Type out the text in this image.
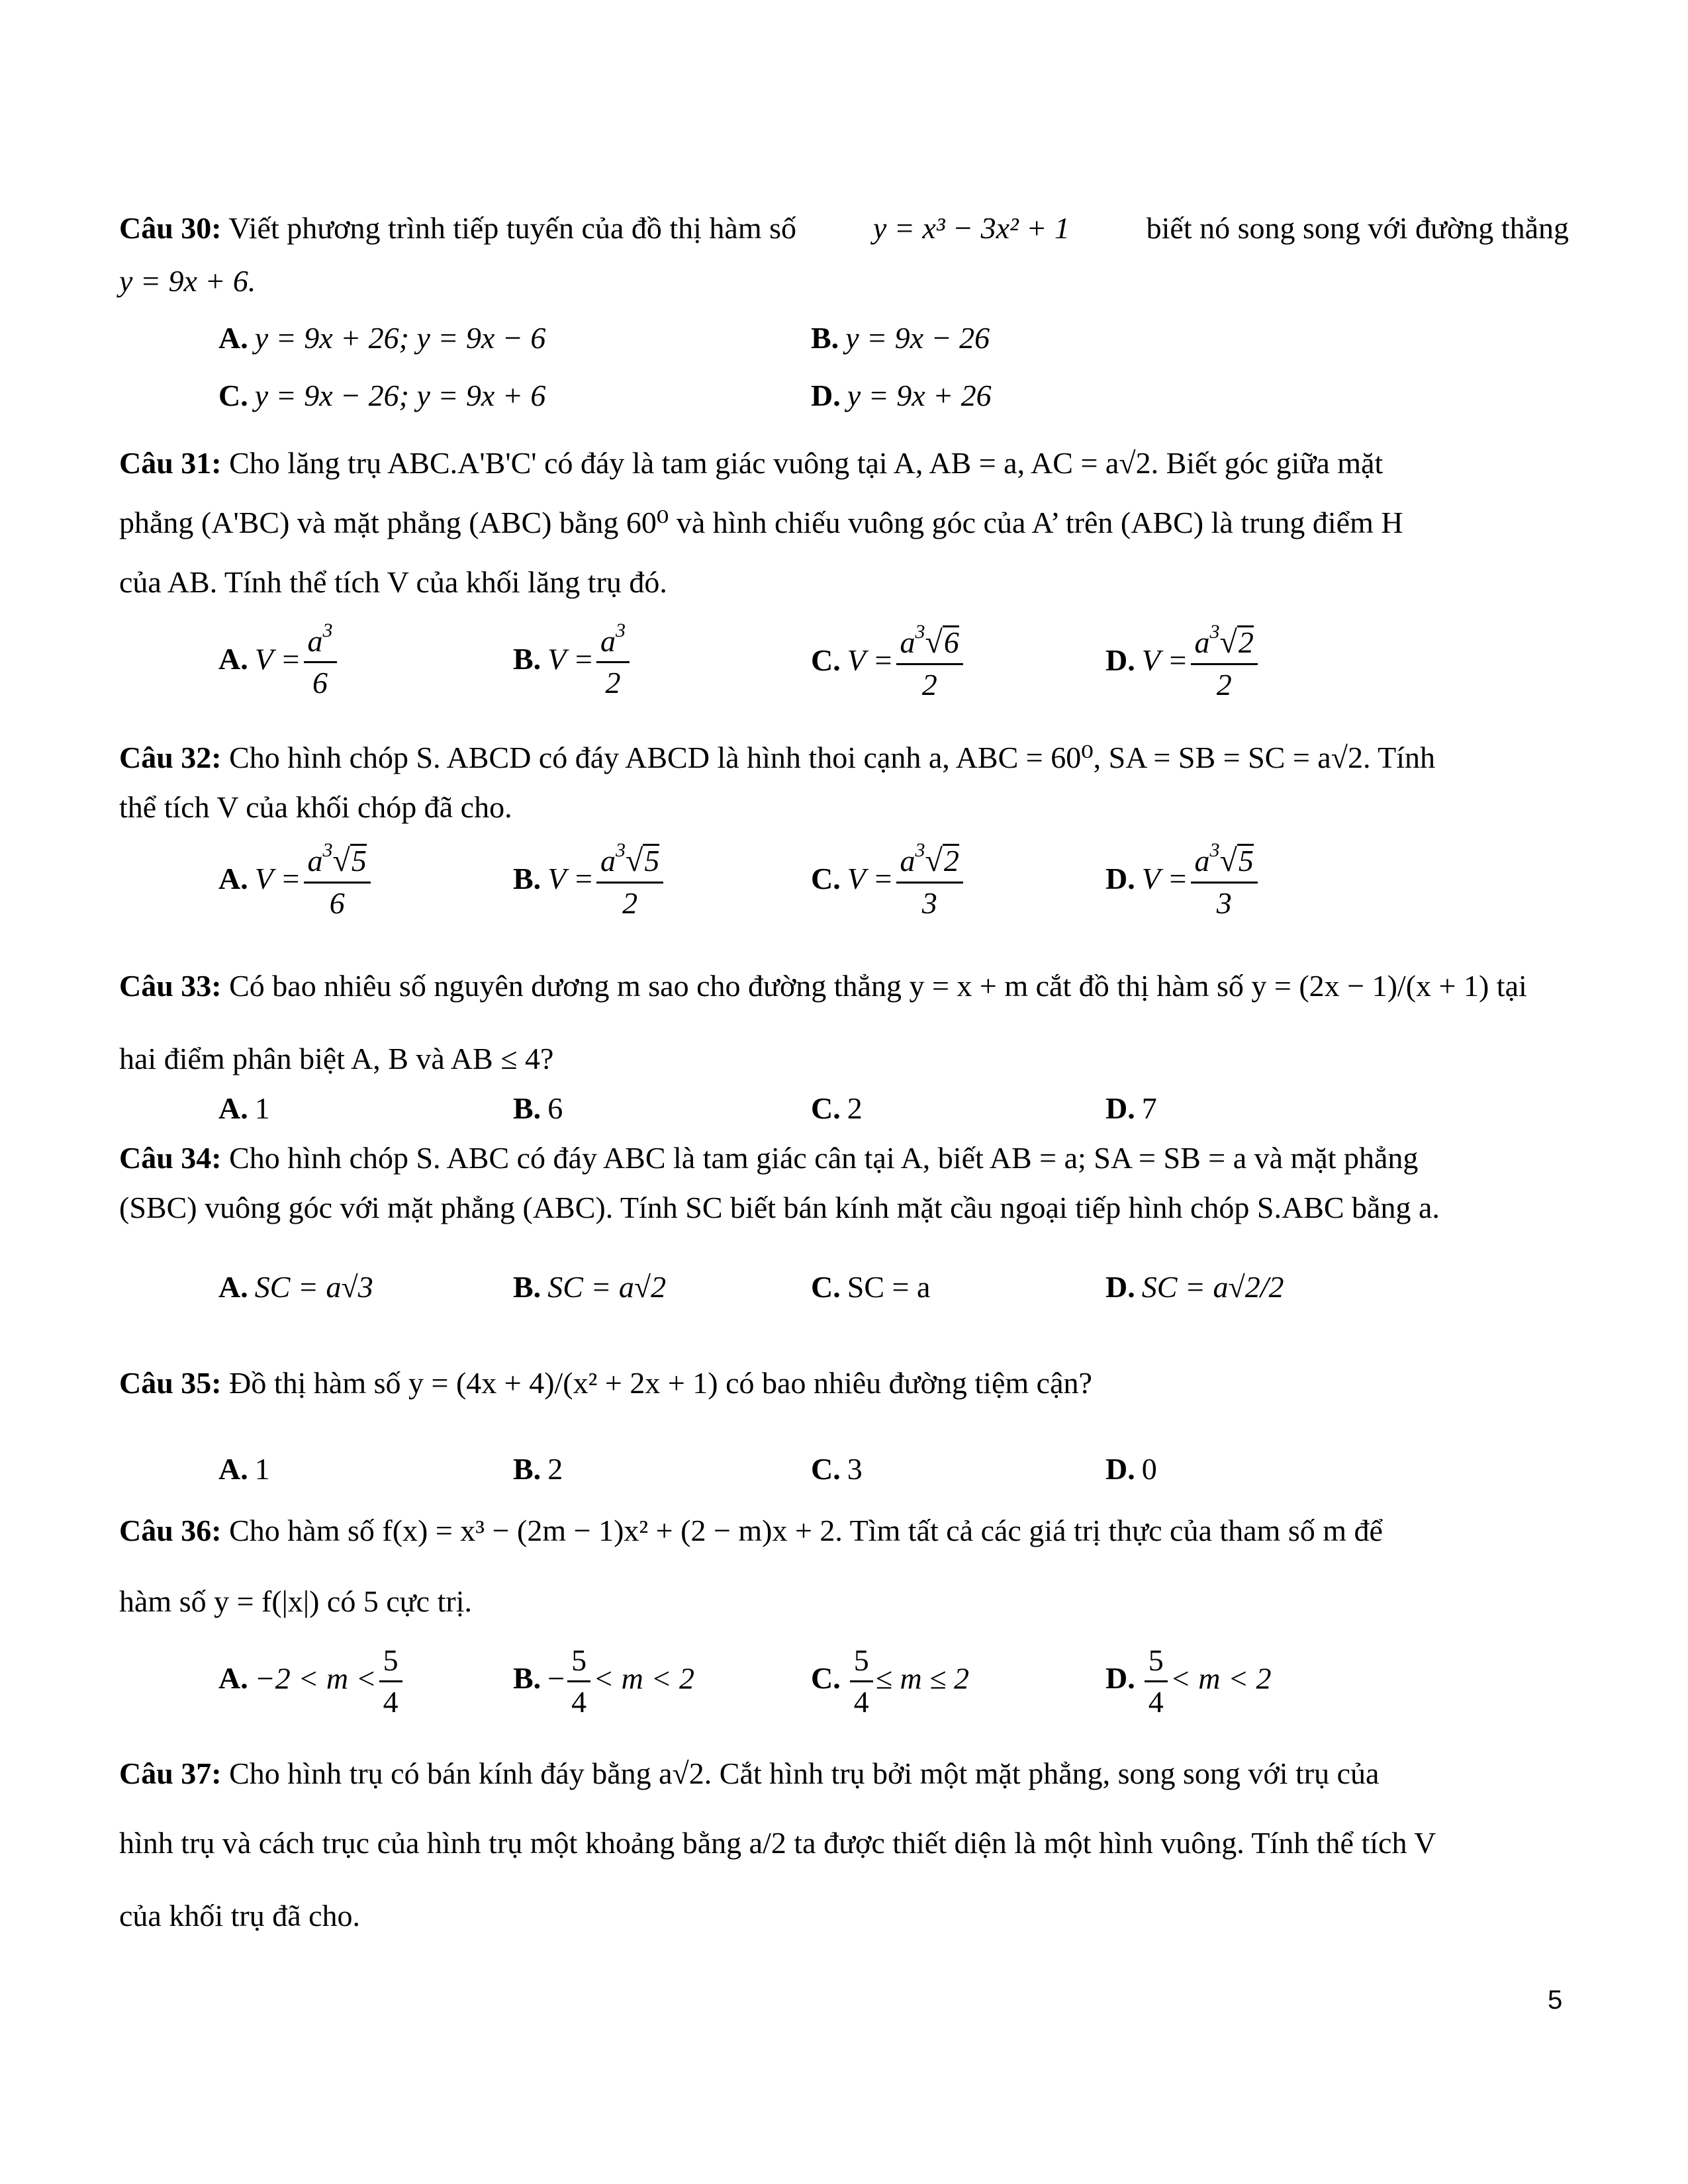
Câu 30: Viết phương trình tiếp tuyến của đồ thị hàm số	y = x³ − 3x² + 1	biết nó song song với đường thẳng
y = 9x + 6.
A. y = 9x + 26; y = 9x − 6	B. y = 9x − 26
C. y = 9x − 26; y = 9x + 6	D. y = 9x + 26
Câu 31: Cho lăng trụ ABC.A'B'C' có đáy là tam giác vuông tại A, AB = a, AC = a√2. Biết góc giữa mặt
phẳng (A'BC) và mặt phẳng (ABC) bằng 60⁰ và hình chiếu vuông góc của A’ trên (ABC) là trung điểm H
của AB. Tính thể tích V của khối lăng trụ đó.
A. $V = \frac{a^3}{6}$	B. $V = \frac{a^3}{2}$	C. $V = \frac{a^3√6}{2}$	D. $V = \frac{a^3√2}{2}$
Câu 32: Cho hình chóp S. ABCD có đáy ABCD là hình thoi cạnh a, ABC = 60⁰, SA = SB = SC = a√2. Tính
thể tích V của khối chóp đã cho.
A. $V = \frac{a^3√5}{6}$	B. $V = \frac{a^3√5}{2}$	C. $V = \frac{a^3√2}{3}$	D. $V = \frac{a^3√5}{3}$
Câu 33: Có bao nhiêu số nguyên dương m sao cho đường thẳng y = x + m cắt đồ thị hàm số y = (2x − 1)/(x + 1) tại
hai điểm phân biệt A, B và AB ≤ 4?
A. 1	B. 6	C. 2	D. 7
Câu 34: Cho hình chóp S. ABC có đáy ABC là tam giác cân tại A, biết AB = a; SA = SB = a và mặt phẳng
(SBC) vuông góc với mặt phẳng (ABC). Tính SC biết bán kính mặt cầu ngoại tiếp hình chóp S.ABC bằng a.
A. SC = a√3	B. SC = a√2	C. SC = a	D. SC = a√2/2
Câu 35: Đồ thị hàm số y = (4x + 4)/(x² + 2x + 1) có bao nhiêu đường tiệm cận?
A. 1	B. 2	C. 3	D. 0
Câu 36: Cho hàm số f(x) = x³ − (2m − 1)x² + (2 − m)x + 2. Tìm tất cả các giá trị thực của tham số m để
hàm số y = f(|x|) có 5 cực trị.
A. $-2 < m < \frac{5}{4}$	B. − $\frac{5}{4} < m < 2$	C. $\frac{5}{4} \le m \le 2$	D. $\frac{5}{4} < m < 2$
Câu 37: Cho hình trụ có bán kính đáy bằng a√2. Cắt hình trụ bởi một mặt phẳng, song song với trụ của
hình trụ và cách trục của hình trụ một khoảng bằng a/2 ta được thiết diện là một hình vuông. Tính thể tích V
của khối trụ đã cho.
5
